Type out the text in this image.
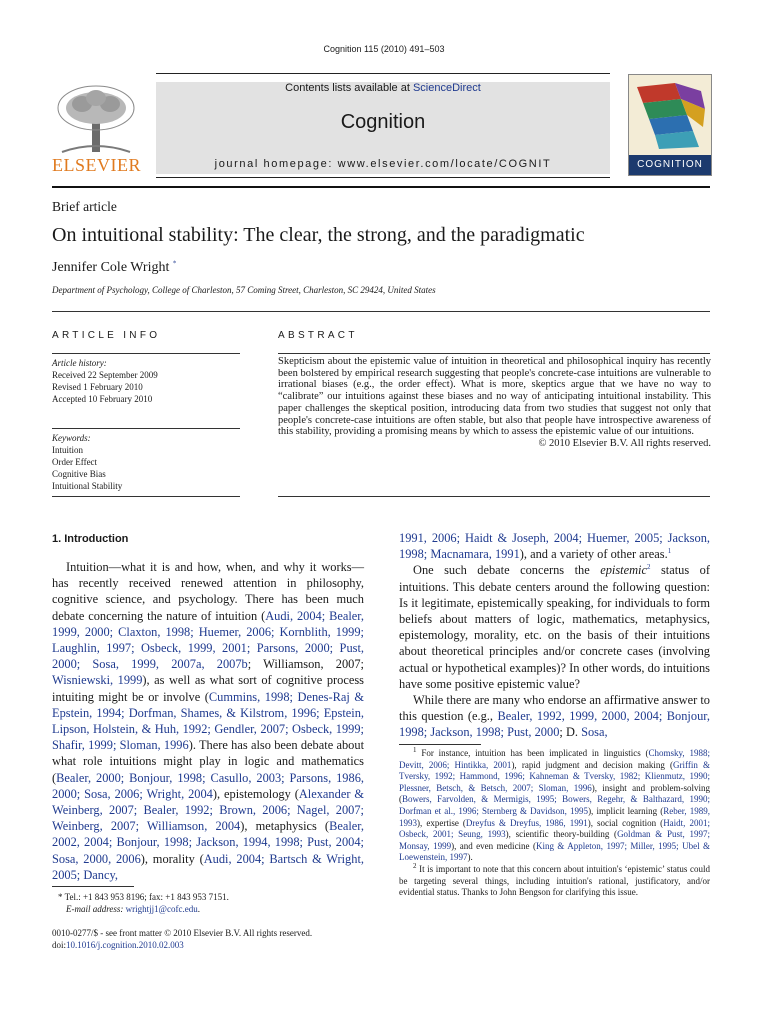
Cognition 115 (2010) 491–503
Contents lists available at ScienceDirect
Cognition
journal homepage: www.elsevier.com/locate/COGNIT
ELSEVIER	COGNITION
Brief article
On intuitional stability: The clear, the strong, and the paradigmatic
Jennifer Cole Wright *
Department of Psychology, College of Charleston, 57 Coming Street, Charleston, SC 29424, United States
ARTICLE INFO
Article history:
Received 22 September 2009
Revised 1 February 2010
Accepted 10 February 2010
Keywords:
Intuition
Order Effect
Cognitive Bias
Intuitional Stability
ABSTRACT

Skepticism about the epistemic value of intuition in theoretical and philosophical inquiry has recently been bolstered by empirical research suggesting that people's concrete-case intuitions are vulnerable to irrational biases (e.g., the order effect). What is more, skeptics argue that we have no way to “calibrate” our intuitions against these biases and no way of anticipating intuitional instability. This paper challenges the skeptical position, introducing data from two studies that suggest not only that people's concrete-case intuitions are often stable, but also that people have introspective awareness of this stability, providing a promising means by which to assess the epistemic value of our intuitions.

© 2010 Elsevier B.V. All rights reserved.

1. Introduction

Intuition—what it is and how, when, and why it works—has recently received renewed attention in philosophy, cognitive science, and psychology. There has been much debate concerning the nature of intuition (Audi, 2004; Bealer, 1999, 2000; Claxton, 1998; Huemer, 2006; Kornblith, 1999; Laughlin, 1997; Osbeck, 1999, 2001; Parsons, 2000; Pust, 2000; Sosa, 1999, 2007a, 2007b; Williamson, 2007; Wisniewski, 1999), as well as what sort of cognitive process intuiting might be or involve (Cummins, 1998; Denes-Raj & Epstein, 1994; Dorfman, Shames, & Kilstrom, 1996; Epstein, Lipson, Holstein, & Huh, 1992; Gendler, 2007; Osbeck, 1999; Shafir, 1999; Sloman, 1996). There has also been debate about what role intuitions might play in logic and mathematics (Bealer, 2000; Bonjour, 1998; Casullo, 2003; Parsons, 1986, 2000; Sosa, 2006; Wright, 2004), epistemology (Alexander & Weinberg, 2007; Bealer, 1992; Brown, 2006; Nagel, 2007; Weinberg, 2007; Williamson, 2004), metaphysics (Bealer, 2002, 2004; Bonjour, 1998; Jackson, 1994, 1998; Pust, 2004; Sosa, 2000, 2006), morality (Audi, 2004; Bartsch & Wright, 2005; Dancy,

1991, 2006; Haidt & Joseph, 2004; Huemer, 2005; Jackson, 1998; Macnamara, 1991), and a variety of other areas.$^1$

One such debate concerns the epistemic$^2$ status of intuitions. This debate centers around the following question: Is it legitimate, epistemically speaking, for individuals to form beliefs about matters of logic, mathematics, metaphysics, epistemology, morality, etc. on the basis of their intuitions about theoretical principles and/or concrete cases (involving actual or hypothetical examples)? In other words, do intuitions have some positive epistemic value?

While there are many who endorse an affirmative answer to this question (e.g., Bealer, 1992, 1999, 2000, 2004; Bonjour, 1998; Jackson, 1998; Pust, 2000; D. Sosa,

$^1$ For instance, intuition has been implicated in linguistics (Chomsky, 1988; Devitt, 2006; Hintikka, 2001), rapid judgment and decision making (Griffin & Tversky, 1992; Hammond, 1996; Kahneman & Tversky, 1982; Klienmutz, 1990; Plessner, Betsch, & Betsch, 2007; Sloman, 1996), insight and problem-solving (Bowers, Farvolden, & Mermigis, 1995; Bowers, Regehr, & Balthazard, 1990; Dorfman et al., 1996; Sternberg & Davidson, 1995), implicit learning (Reber, 1989, 1993), expertise (Dreyfus & Dreyfus, 1986, 1991), social cognition (Haidt, 2001; Osbeck, 2001; Seung, 1993), scientific theory-building (Goldman & Pust, 1997; Monsay, 1999), and even medicine (King & Appleton, 1997; Miller, 1995; Ubel & Loewenstein, 1997).

$^2$ It is important to note that this concern about intuition's ‘epistemic’ status could be targeting several things, including intuition's rational, justificatory, and/or evidential status. Thanks to John Bengson for clarifying this issue.

* Tel.: +1 843 953 8196; fax: +1 843 953 7151.
E-mail address: wrightjj1@cofc.edu.
0010-0277/$ - see front matter © 2010 Elsevier B.V. All rights reserved.
doi:10.1016/j.cognition.2010.02.003
